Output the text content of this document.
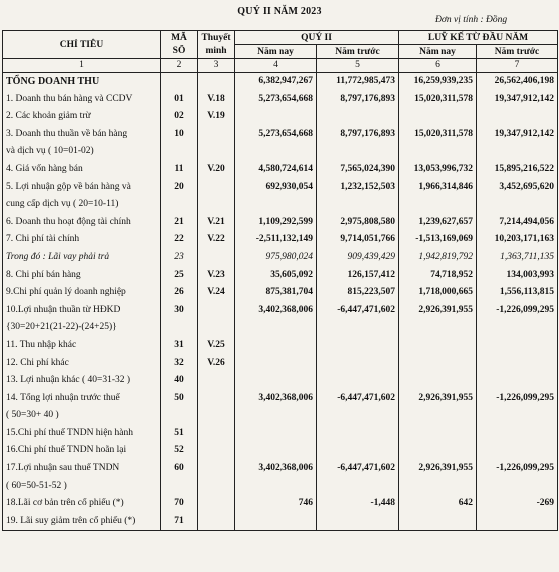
QUÝ II NĂM 2023
Đơn vị tính : Đồng
CHỈ TIÊU	MÃ	Thuyết	QUÝ II		LUỸ KẾ TỪ ĐẦU NĂM	
	SỐ	minh	Năm nay	Năm trước	Năm nay	Năm trước
1	2	3	4	5	6	7
TỔNG DOANH THU			6,382,947,267	11,772,985,473	16,259,939,235	26,562,406,198
1. Doanh thu bán hàng và CCDV	01	V.18	5,273,654,668	8,797,176,893	15,020,311,578	19,347,912,142
2. Các khoản giảm trừ	02	V.19				
3. Doanh thu thuần về bán hàng	10		5,273,654,668	8,797,176,893	15,020,311,578	19,347,912,142
và dịch vụ ( 10=01-02)						
4. Giá vốn hàng bán	11	V.20	4,580,724,614	7,565,024,390	13,053,996,732	15,895,216,522
5. Lợi nhuận gộp về bán hàng và	20		692,930,054	1,232,152,503	1,966,314,846	3,452,695,620
cung cấp dịch vụ ( 20=10-11)						
6. Doanh thu hoạt động tài chính	21	V.21	1,109,292,599	2,975,808,580	1,239,627,657	7,214,494,056
7. Chi phí tài chính	22	V.22	-2,511,132,149	9,714,051,766	-1,513,169,069	10,203,171,163
Trong đó : Lãi vay phải trả	23		975,980,024	909,439,429	1,942,819,792	1,363,711,135
8. Chi phí bán hàng	25	V.23	35,605,092	126,157,412	74,718,952	134,003,993
9.Chi phí quản lý doanh nghiệp	26	V.24	875,381,704	815,223,507	1,718,000,665	1,556,113,815
10.Lợi nhuận thuần từ HĐKD	30		3,402,368,006	-6,447,471,602	2,926,391,955	-1,226,099,295
{30=20+21(21-22)-(24+25)}						
11. Thu nhập khác	31	V.25				
12. Chi phí khác	32	V.26				
13. Lợi nhuận khác ( 40=31-32 )	40					
14. Tổng lợi nhuận trước thuế	50		3,402,368,006	-6,447,471,602	2,926,391,955	-1,226,099,295
( 50=30+ 40 )						
15.Chi phí thuế TNDN hiện hành	51					
16.Chi phí thuế TNDN hoãn lại	52					
17.Lợi nhuận sau thuế TNDN	60		3,402,368,006	-6,447,471,602	2,926,391,955	-1,226,099,295
( 60=50-51-52 )						
18.Lãi cơ bản trên cổ phiếu (*)	70		746	-1,448	642	-269
19. Lãi suy giảm trên cổ phiếu (*)	71					
